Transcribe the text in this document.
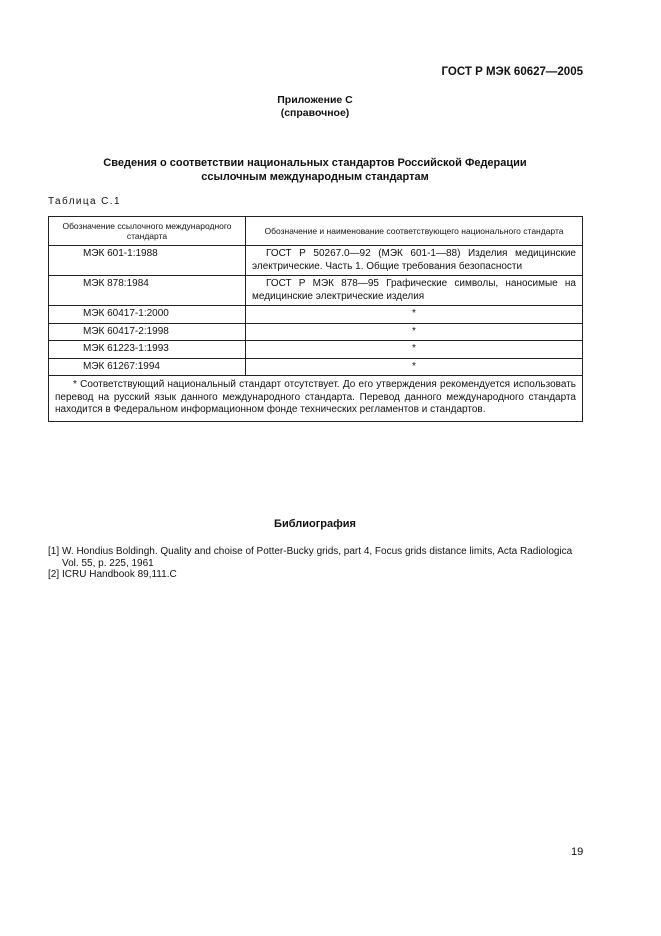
ГОСТ Р МЭК 60627—2005
Приложение С
(справочное)
Сведения о соответствии национальных стандартов Российской Федерации
ссылочным международным стандартам
Таблица С.1
Обозначение ссылочного международного стандарта	Обозначение и наименование соответствующего национального стандарта
МЭК 601-1:1988	ГОСТ Р 50267.0—92 (МЭК 601-1—88) Изделия медицинские электрические. Часть 1. Общие требования безопасности
МЭК 878:1984	ГОСТ Р МЭК 878—95 Графические символы, наносимые на медицинские электрические изделия
МЭК 60417-1:2000	*
МЭК 60417-2:1998	*
МЭК 61223-1:1993	*
МЭК 61267:1994	*
* Соответствующий национальный стандарт отсутствует. До его утверждения рекомендуется использовать перевод на русский язык данного международного стандарта. Перевод данного международного стандарта находится в Федеральном информационном фонде технических регламентов и стандартов.	
Библиография
[1] W. Hondius Boldingh. Quality and choise of Potter-Bucky grids, part 4, Focus grids distance limits, Acta Radiologica Vol. 55, p. 225, 1961
[2] ICRU Handbook 89,111.C
19
